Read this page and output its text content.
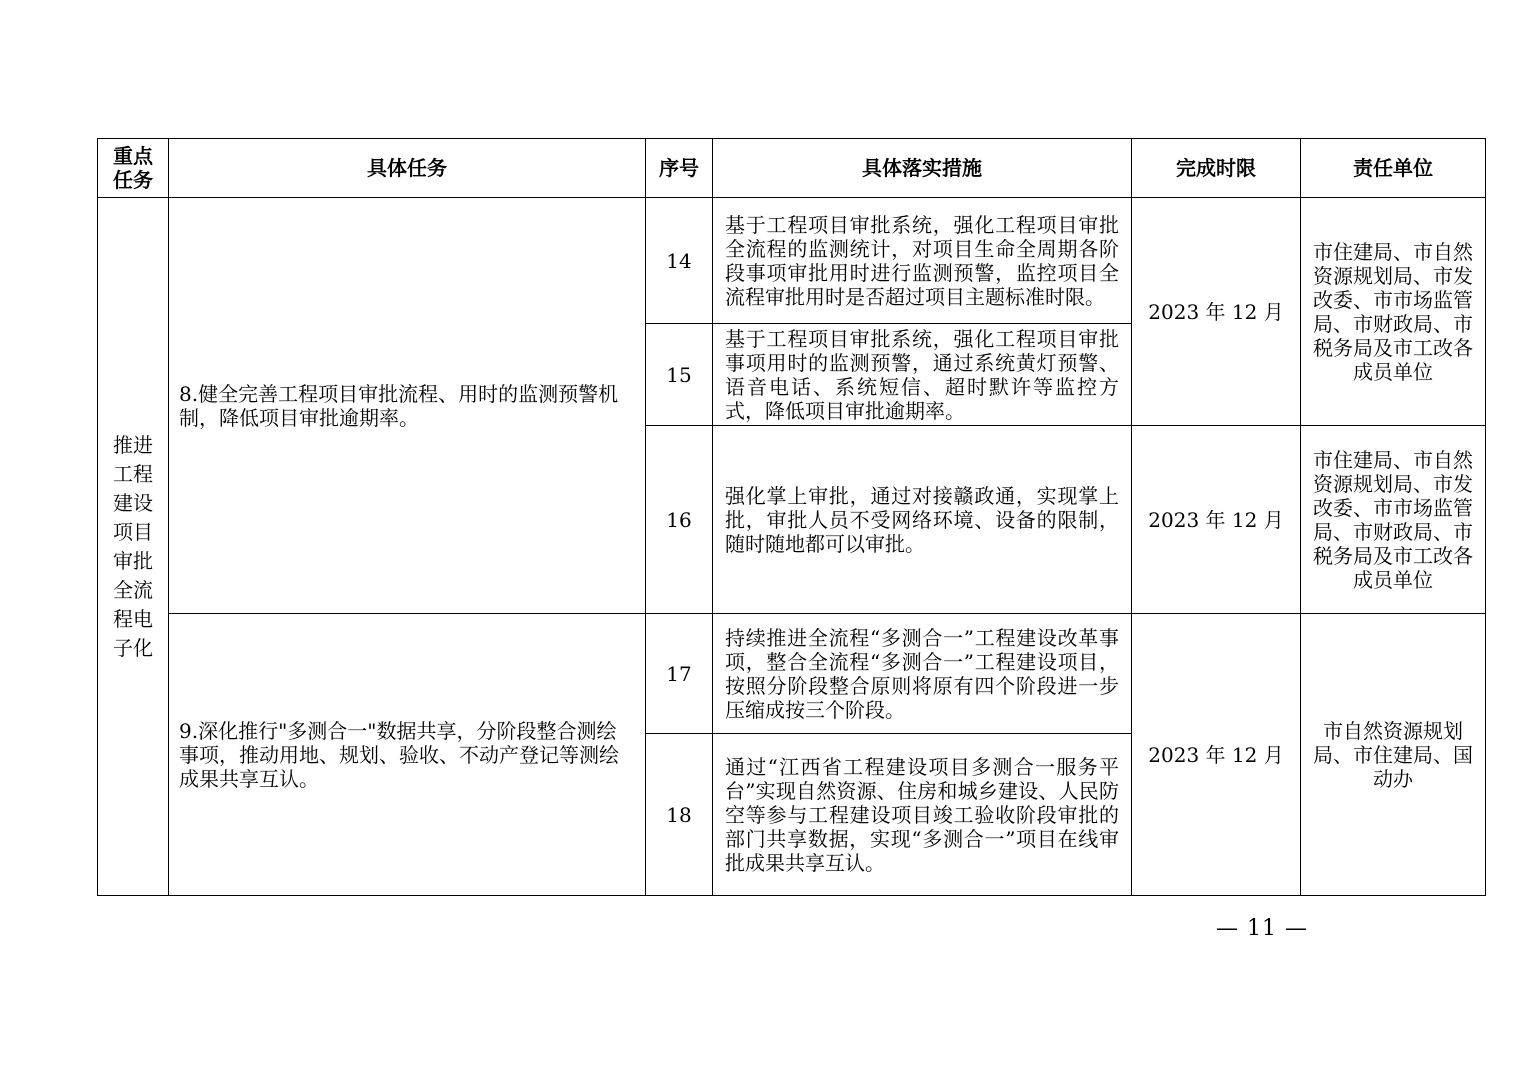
重点任务	具体任务	序号	具体落实措施	完成时限	责任单位
推进工程建设项目审批全流程电子化	8.健全完善工程项目审批流程、用时的监测预警机制，降低项目审批逾期率。	14	基于工程项目审批系统，强化工程项目审批全流程的监测统计，对项目生命全周期各阶段事项审批用时进行监测预警，监控项目全流程审批用时是否超过项目主题标准时限。	2023 年 12 月	市住建局、市自然资源规划局、市发改委、市市场监管局、市财政局、市税务局及市工改各成员单位
		15	基于工程项目审批系统，强化工程项目审批事项用时的监测预警，通过系统黄灯预警、语音电话、系统短信、超时默许等监控方式，降低项目审批逾期率。		
		16	强化掌上审批，通过对接赣政通，实现掌上批，审批人员不受网络环境、设备的限制，随时随地都可以审批。	2023 年 12 月	市住建局、市自然资源规划局、市发改委、市市场监管局、市财政局、市税务局及市工改各成员单位
	9.深化推行"多测合一"数据共享，分阶段整合测绘事项，推动用地、规划、验收、不动产登记等测绘成果共享互认。	17	持续推进全流程“多测合一”工程建设改革事项，整合全流程“多测合一”工程建设项目，按照分阶段整合原则将原有四个阶段进一步压缩成按三个阶段。	2023 年 12 月	市自然资源规划局、市住建局、国动办
		18	通过“江西省工程建设项目多测合一服务平台”实现自然资源、住房和城乡建设、人民防空等参与工程建设项目竣工验收阶段审批的部门共享数据，实现“多测合一”项目在线审批成果共享互认。		
— 11 —
